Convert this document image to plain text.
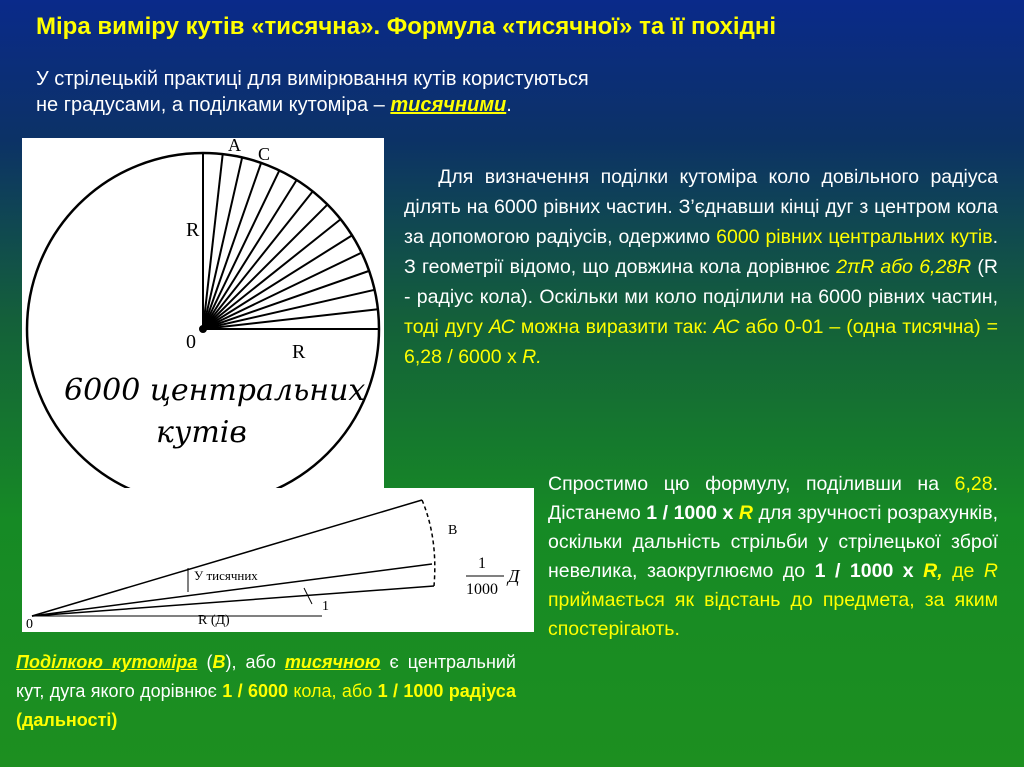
Міра виміру кутів «тисячна». Формула «тисячної» та її похідні
У стрілецькій практиці для вимірювання кутів користуються
не градусами, а поділками кутоміра – тисячними.
A C
R
0	R
6000 центральних
кутів
0	R (Д)
У тисячних
В
1
1
1000
Д
Для визначення поділки кутоміра коло довільного радіуса ділять на 6000 рівних частин. З’єднавши кінці дуг з центром кола за допомогою радіусів, одержимо 6000 рівних центральних кутів. З геометрії відомо, що довжина кола дорівнює 2πR або 6,28R (R - радіус кола). Оскільки ми коло поділили на 6000 рівних частин, тоді дугу АС можна виразити так: АС або 0-01 – (одна тисячна) = 6,28 / 6000 х R.
Спростимо цю формулу, поділивши на 6,28. Дістанемо 1 / 1000 х R для зручності розрахунків, оскільки дальність стрільби у стрілецької зброї невелика, заокруглюємо до 1 / 1000 х R, де R приймається як відстань до предмета, за яким спостерігають.
Поділкою кутоміра (В), або тисячною є центральний кут, дуга якого дорівнює 1 / 6000 кола, або 1 / 1000 радіуса (дальності)
